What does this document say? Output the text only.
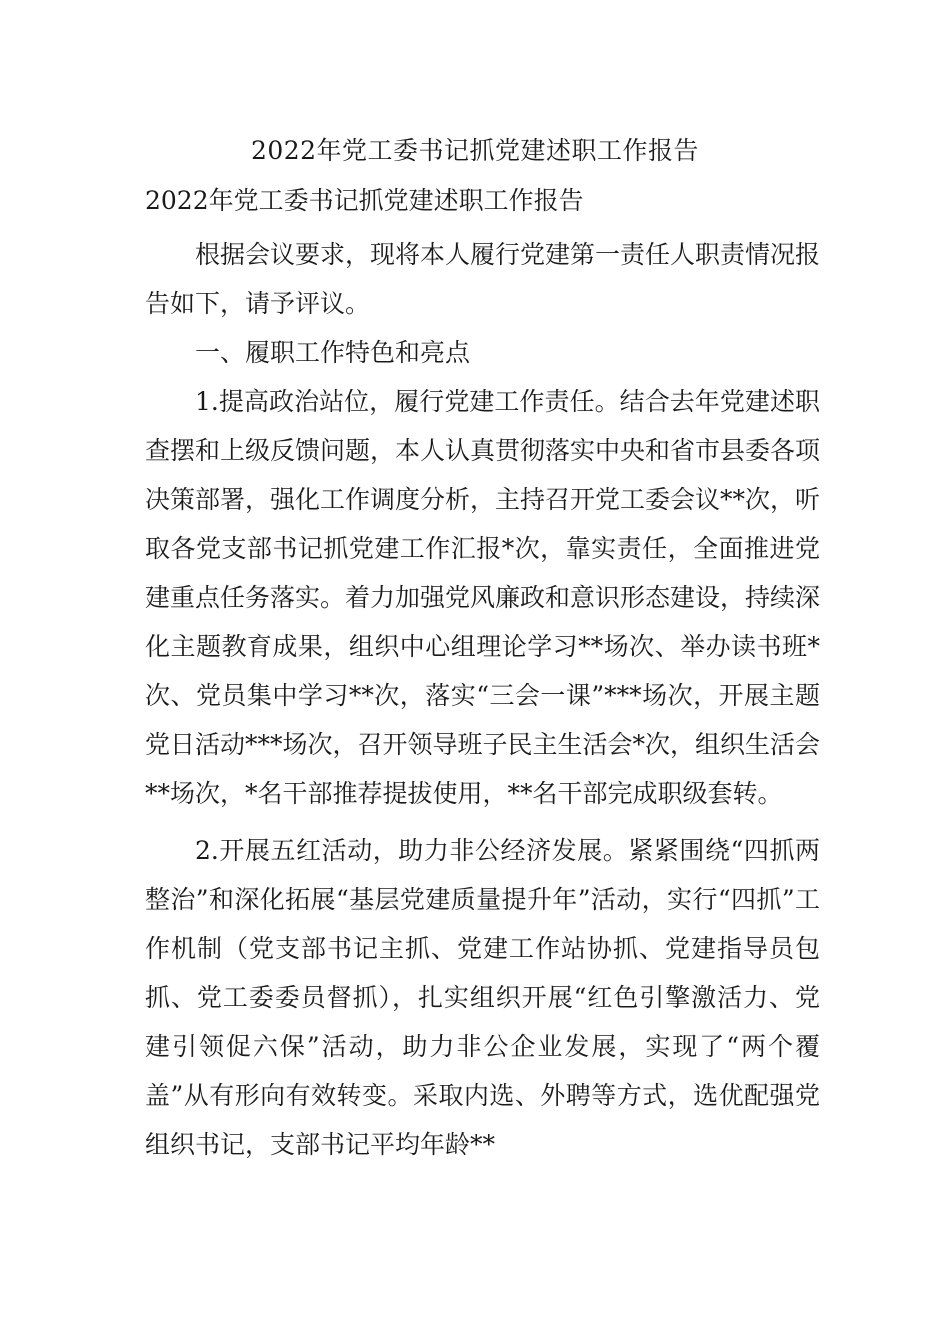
2022年党工委书记抓党建述职工作报告
2022年党工委书记抓党建述职工作报告

根据会议要求，现将本人履行党建第一责任人职责情况报告如下，请予评议。

一、履职工作特色和亮点

1.提高政治站位，履行党建工作责任。结合去年党建述职查摆和上级反馈问题，本人认真贯彻落实中央和省市县委各项决策部署，强化工作调度分析，主持召开党工委会议**次，听取各党支部书记抓党建工作汇报*次，靠实责任，全面推进党建重点任务落实。着力加强党风廉政和意识形态建设，持续深化主题教育成果，组织中心组理论学习**场次、举办读书班*次、党员集中学习**次，落实“三会一课”***场次，开展主题党日活动***场次，召开领导班子民主生活会*次，组织生活会**场次，*名干部推荐提拔使用，**名干部完成职级套转。

2.开展五红活动，助力非公经济发展。紧紧围绕“四抓两整治”和深化拓展“基层党建质量提升年”活动，实行“四抓”工作机制（党支部书记主抓、党建工作站协抓、党建指导员包抓、党工委委员督抓），扎实组织开展“红色引擎激活力、党建引领促六保”活动，助力非公企业发展，实现了“两个覆盖”从有形向有效转变。采取内选、外聘等方式，选优配强党组织书记，支部书记平均年龄**
